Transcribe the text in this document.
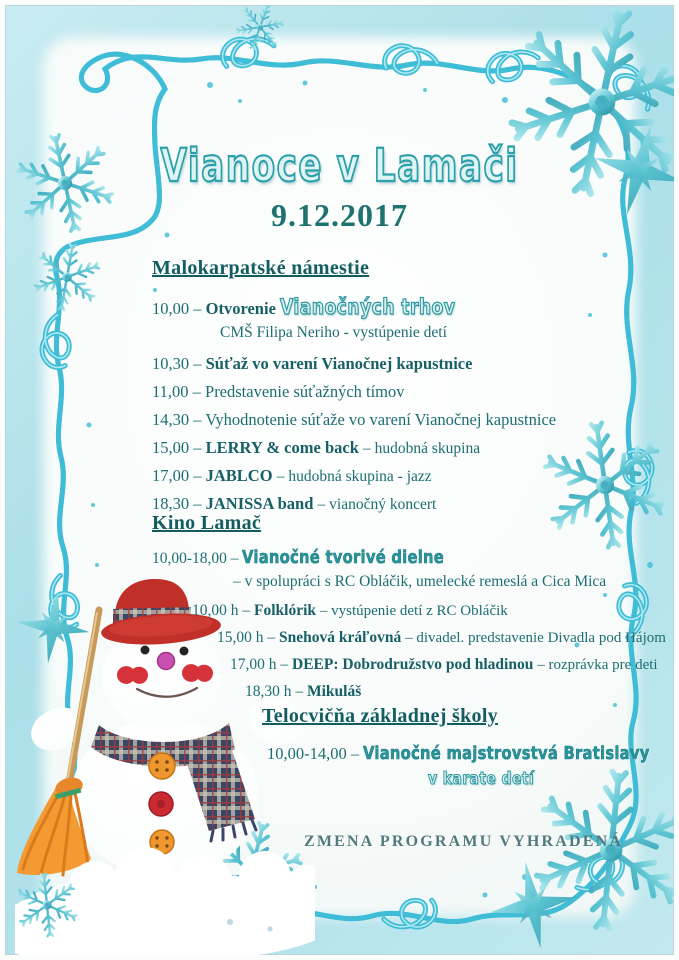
Vianoce v Lamači
9.12.2017
Malokarpatské námestie
10,00 – Otvorenie Vianočných trhov
CMŠ Filipa Neriho - vystúpenie detí
10,30 – Súťaž vo varení Vianočnej kapustnice
11,00 – Predstavenie súťažných tímov
14,30 – Vyhodnotenie súťaže vo varení Vianočnej kapustnice
15,00 – LERRY & come back – hudobná skupina
17,00 – JABLCO – hudobná skupina - jazz
18,30 – JANISSA band – vianočný koncert
Kino Lamač
10,00-18,00 – Vianočné tvorivé dielne
– v spolupráci s RC Obláčik, umelecké remeslá a Cica Mica
10,00 h – Folklórik – vystúpenie detí z RC Obláčik
15,00 h – Snehová kráľovná – divadel. predstavenie Divadla pod Hájom
17,00 h – DEEP: Dobrodružstvo pod hladinou – rozprávka pre deti
18,30 h – Mikuláš
Telocvičňa základnej školy
10,00-14,00 – Vianočné majstrovstvá Bratislavy
v karate detí
ZMENA PROGRAMU VYHRADENÁ
